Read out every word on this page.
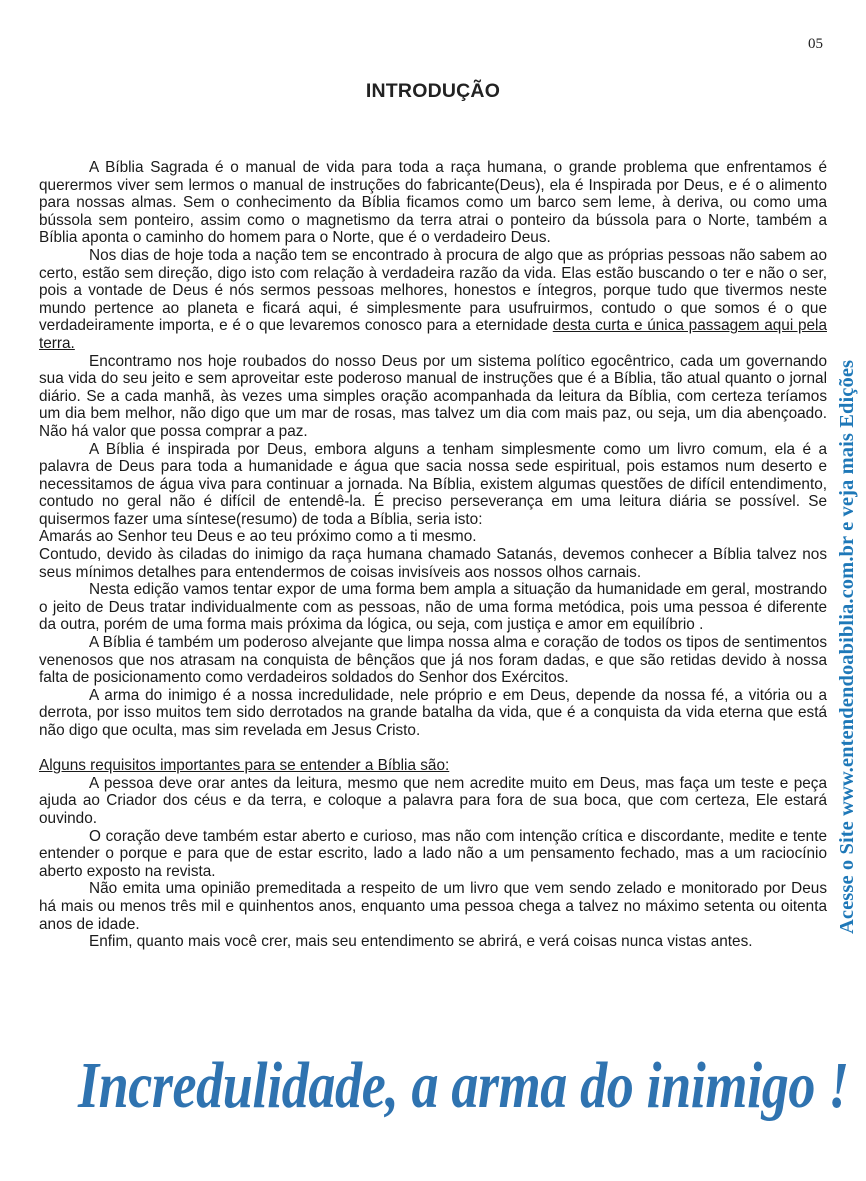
05
INTRODUÇÃO

A Bíblia Sagrada é o manual de vida para toda a raça humana, o grande problema que enfrentamos é querermos viver sem lermos o manual de instruções do fabricante(Deus), ela é Inspirada por Deus, e é o alimento para nossas almas. Sem o conhecimento da Bíblia ficamos como um barco sem leme, à deriva, ou como uma bússola sem ponteiro, assim como o magnetismo da terra atrai o ponteiro da bússola para o Norte, também a Bíblia aponta o caminho do homem para o Norte, que é o verdadeiro Deus.

Nos dias de hoje toda a nação tem se encontrado à procura de algo que as próprias pessoas não sabem ao certo, estão sem direção, digo isto com relação à verdadeira razão da vida. Elas estão buscando o ter e não o ser, pois a vontade de Deus é nós sermos pessoas melhores, honestos e íntegros, porque tudo que tivermos neste mundo pertence ao planeta e ficará aqui, é simplesmente para usufruirmos, contudo o que somos é o que verdadeiramente importa, e é o que levaremos conosco para a eternidade desta curta e única passagem aqui pela terra.

Encontramo nos hoje roubados do nosso Deus por um sistema político egocêntrico, cada um governando sua vida do seu jeito e sem aproveitar este poderoso manual de instruções que é a Bíblia, tão atual quanto o jornal diário. Se a cada manhã, às vezes uma simples oração acompanhada da leitura da Bíblia, com certeza teríamos um dia bem melhor, não digo que um mar de rosas, mas talvez um dia com mais paz, ou seja, um dia abençoado. Não há valor que possa comprar a paz.

A Bíblia é inspirada por Deus, embora alguns a tenham simplesmente como um livro comum, ela é a palavra de Deus para toda a humanidade e água que sacia nossa sede espiritual, pois estamos num deserto e necessitamos de água viva para continuar a jornada. Na Bíblia, existem algumas questões de difícil entendimento, contudo no geral não é difícil de entendê-la. É preciso perseverança em uma leitura diária se possível. Se quisermos fazer uma síntese(resumo) de toda a Bíblia, seria isto:

Amarás ao Senhor teu Deus e ao teu próximo como a ti mesmo.

Contudo, devido às ciladas do inimigo da raça humana chamado Satanás, devemos conhecer a Bíblia talvez nos seus mínimos detalhes para entendermos de coisas invisíveis aos nossos olhos carnais.

Nesta edição vamos tentar expor de uma forma bem ampla a situação da humanidade em geral, mostrando o jeito de Deus tratar individualmente com as pessoas, não de uma forma metódica, pois uma pessoa é diferente da outra, porém de uma forma mais próxima da lógica, ou seja, com justiça e amor em equilíbrio .

A Bíblia é também um poderoso alvejante que limpa nossa alma e coração de todos os tipos de sentimentos venenosos que nos atrasam na conquista de bênçãos que já nos foram dadas, e que são retidas devido à nossa falta de posicionamento como verdadeiros soldados do Senhor dos Exércitos.

A arma do inimigo é a nossa incredulidade, nele próprio e em Deus, depende da nossa fé, a vitória ou a derrota, por isso muitos tem sido derrotados na grande batalha da vida, que é a conquista da vida eterna que está não digo que oculta, mas sim revelada em Jesus Cristo.

Alguns requisitos importantes para se entender a Bíblia são:

A pessoa deve orar antes da leitura, mesmo que nem acredite muito em Deus, mas faça um teste e peça ajuda ao Criador dos céus e da terra, e coloque a palavra para fora de sua boca, que com certeza, Ele estará ouvindo.

O coração deve também estar aberto e curioso, mas não com intenção crítica e discordante, medite e tente entender o porque e para que de estar escrito, lado a lado não a um pensamento fechado, mas a um raciocínio aberto exposto na revista.

Não emita uma opinião premeditada a respeito de um livro que vem sendo zelado e monitorado por Deus há mais ou menos três mil e quinhentos anos, enquanto uma pessoa chega a talvez no máximo setenta ou oitenta anos de idade.

Enfim, quanto mais você crer, mais seu entendimento se abrirá, e verá coisas nunca vistas antes.

Acesse o Site www.entendendoabiblia.com.br e veja mais Edições
Incredulidade, a arma do inimigo !
